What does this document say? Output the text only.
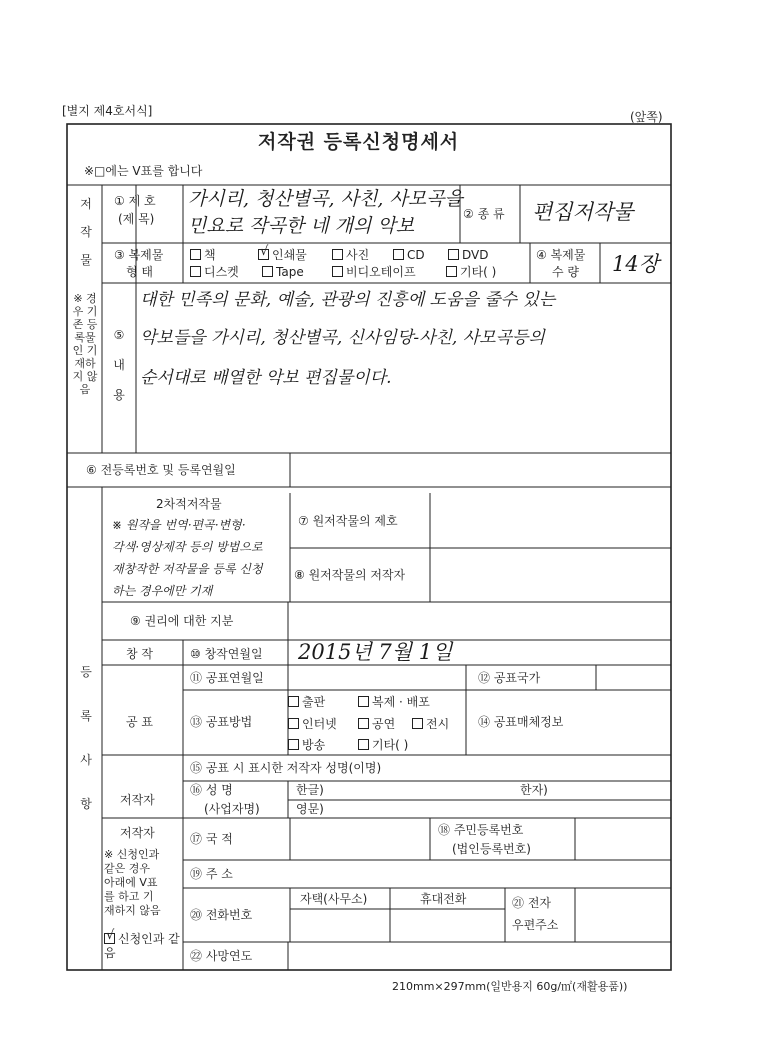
[별지 제4호서식]	(앞쪽)
저작권 등록신청명세서
※□에는 V표를 합니다
저작물
① 제 호
(제 목)
가시리, 청산별곡, 사친, 사모곡을
민요로 작곡한 네 개의 악보
② 종 류 편집저작물
③ 복제물
형 태
책	√ 인쇄물	사진	CD	DVD
디스켓	Tape	비디오테이프	기타( )
④ 복제물
수 량 14장
※ 경우 기존 등록물인 기재하지 않음
⑤ 내 용
대한 민족의 문화, 예술, 관광의 진흥에 도움을 줄수 있는
악보들을 가시리, 청산별곡, 신사임당-사친, 사모곡등의
순서대로 배열한 악보 편집물이다.
⑥ 전등록번호 및 등록연월일
등록사항
2차적저작물
※ 원작을 번역·편곡·변형·
각색·영상제작 등의 방법으로
재창작한 저작물을 등록 신청
하는 경우에만 기재
⑦ 원저작물의 제호
⑧ 원저작물의 저작자
⑨ 권리에 대한 지분
창 작	⑩ 창작연월일 2015년 7월 1일
공 표
⑪ 공표연월일	⑫ 공표국가
⑬ 공표방법
출판	복제 · 배포
인터넷	공연	전시
방송	기타( )
⑭ 공표매체정보
⑮ 공표 시 표시한 저작자 성명(이명)
저작자
⑯ 성 명
(사업자명)
한글)	한자)
영문)
저작자
※ 신청인과
같은 경우
아래에 V표
를 하고 기
재하지 않음
√ 신청인과 같음
⑰ 국 적
⑱ 주민등록번호
(법인등록번호)
⑲ 주 소
⑳ 전화번호
자택(사무소)	휴대전화	㉑ 전자
우편주소
㉒ 사망연도
210mm×297mm(일반용지 60g/㎡(재활용품))
